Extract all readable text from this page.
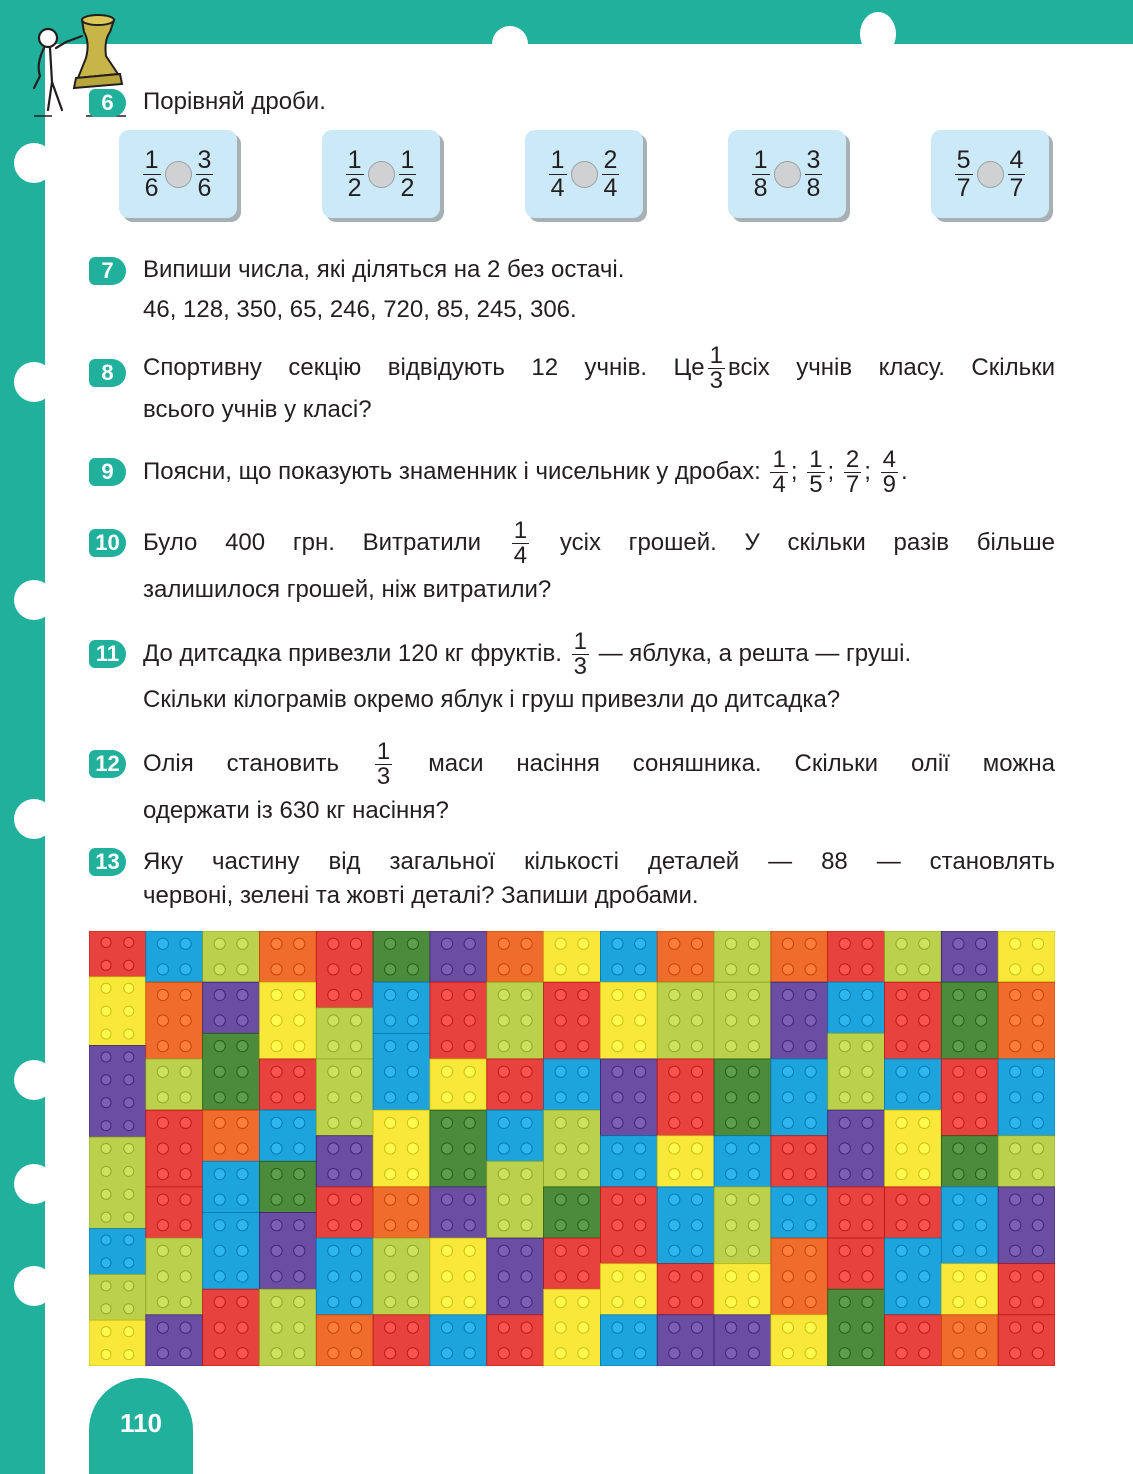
6	Порівняй дроби.
$\frac{1}{6} \frac{3}{6}$	$\frac{1}{2} \frac{1}{2}$	$\frac{1}{4} \frac{2}{4}$	$\frac{1}{8} \frac{3}{8}$	$\frac{5}{7} \frac{4}{7}$
7	Випиши числа, які діляться на 2 без остачі.
46, 128, 350, 65, 246, 720, 85, 245, 306.
8	Спортивну секцію відвідують 12 учнів. Це $\frac{1}{3}$ всіх учнів класу. Скільки
всього учнів у класі?
9	Поясни, що показують знаменник і чисельник у дробах: $\frac{1}{4}$ ; $\frac{1}{5}$ ; $\frac{2}{7}$ ; $\frac{4}{9}$ .
10 Було 400 грн. Витратили $\frac{1}{4}$ усіх грошей. У скільки разів більше
залишилося грошей, ніж витратили?
11 До дитсадка привезли 120 кг фруктів. $\frac{1}{3}$ — яблука, а решта — груші.
Скільки кілограмів окремо яблук і груш привезли до дитсадка?
12 Олія становить $\frac{1}{3}$ маси насіння соняшника. Скільки олії можна
одержати із 630 кг насіння?
13 Яку частину від загальної кількості деталей — 88 — становлять
червоні, зелені та жовті деталі? Запиши дробами.
110
